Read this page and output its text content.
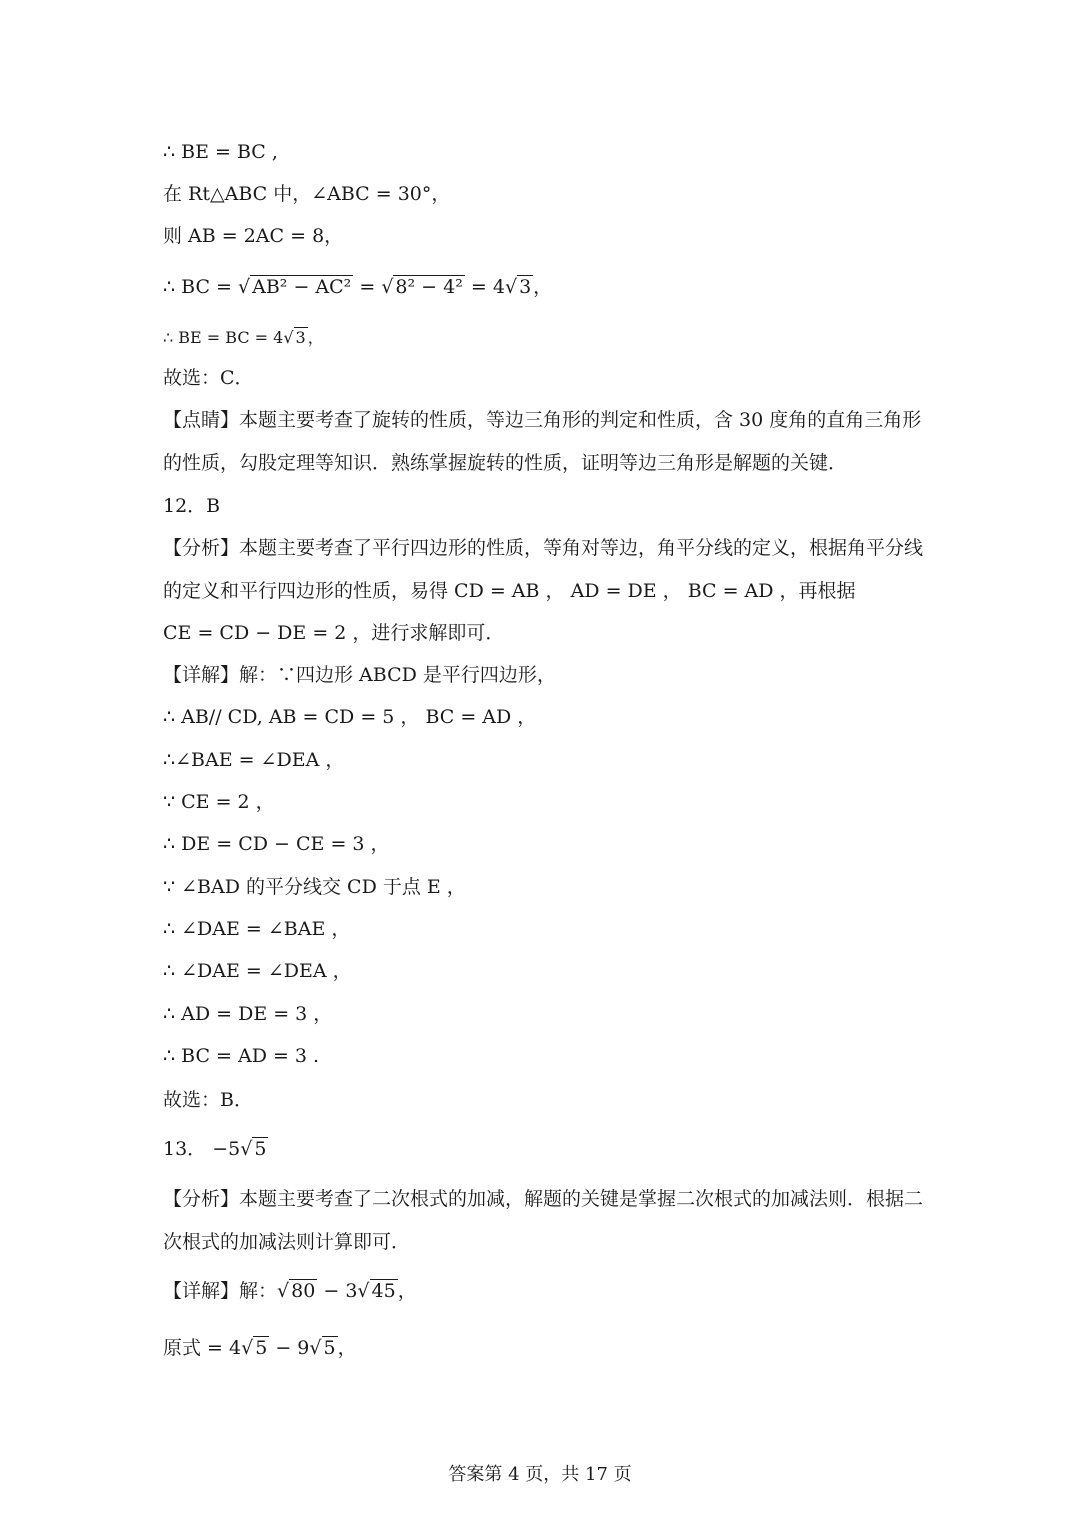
∴ BE = BC ,
在 Rt△ABC 中，∠ABC = 30°，
则 AB = 2AC = 8，
∴ BC = √ AB² − AC² = √ 8² − 4² = 4√ 3 ，
∴ BE = BC = 4√ 3 ，
故选：C．
【点睛】本题主要考查了旋转的性质，等边三角形的判定和性质，含 30 度角的直角三角形
的性质，勾股定理等知识．熟练掌握旋转的性质，证明等边三角形是解题的关键．
12．B
【分析】本题主要考查了平行四边形的性质，等角对等边，角平分线的定义，根据角平分线
的定义和平行四边形的性质，易得 CD = AB ， AD = DE ， BC = AD ，再根据
CE = CD − DE = 2 ，进行求解即可．
【详解】解：∵四边形 ABCD 是平行四边形，
∴ AB// CD, AB = CD = 5 ， BC = AD ，
∴∠BAE = ∠DEA ，
∵ CE = 2 ，
∴ DE = CD − CE = 3 ，
∵ ∠BAD 的平分线交 CD 于点 E ，
∴ ∠DAE = ∠BAE ，
∴ ∠DAE = ∠DEA ，
∴ AD = DE = 3 ，
∴ BC = AD = 3 .
故选：B．
13． −5√ 5
【分析】本题主要考查了二次根式的加减，解题的关键是掌握二次根式的加减法则．根据二
次根式的加减法则计算即可．
【详解】解：√ 80 − 3√ 45 ，
原式 = 4√ 5 − 9√ 5 ，
答案第 4 页，共 17 页
